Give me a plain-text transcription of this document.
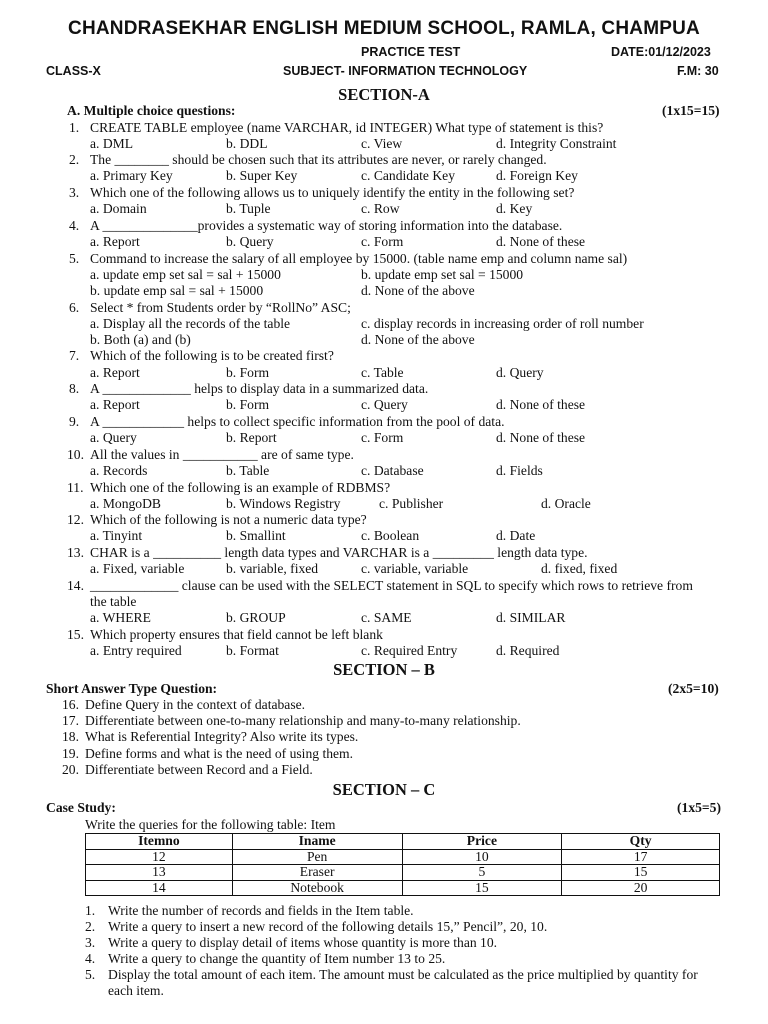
CHANDRASEKHAR ENGLISH MEDIUM SCHOOL, RAMLA, CHAMPUA
PRACTICE TEST	DATE:01/12/2023
CLASS-X	SUBJECT- INFORMATION TECHNOLOGY	F.M: 30
SECTION-A
A. Multiple choice questions:	(1x15=15)
1. CREATE TABLE employee (name VARCHAR, id INTEGER) What type of statement is this?
a. DML	b. DDL	c. View	d. Integrity Constraint
2. The ________ should be chosen such that its attributes are never, or rarely changed.
a. Primary Key	b. Super Key	c. Candidate Key	d. Foreign Key
3. Which one of the following allows us to uniquely identify the entity in the following set?
a. Domain	b. Tuple	c. Row	d. Key
4. A ______________provides a systematic way of storing information into the database.
a. Report	b. Query	c. Form	d. None of these
5. Command to increase the salary of all employee by 15000. (table name emp and column name sal)
a. update emp set sal = sal + 15000	b. update emp set sal = 15000
b. update emp sal = sal + 15000	d. None of the above
6. Select * from Students order by “RollNo” ASC;
a. Display all the records of the table	c. display records in increasing order of roll number
b. Both (a) and (b)	d. None of the above
7. Which of the following is to be created first?
a. Report	b. Form	c. Table	d. Query
8. A _____________ helps to display data in a summarized data.
a. Report	b. Form	c. Query	d. None of these
9. A ____________ helps to collect specific information from the pool of data.
a. Query	b. Report	c. Form	d. None of these
10. All the values in ___________ are of same type.
a. Records	b. Table	c. Database	d. Fields
11. Which one of the following is an example of RDBMS?
a. MongoDB	b. Windows Registry	c. Publisher	d. Oracle
12. Which of the following is not a numeric data type?
a. Tinyint	b. Smallint	c. Boolean	d. Date
13. CHAR is a __________ length data types and VARCHAR is a _________ length data type.
a. Fixed, variable	b. variable, fixed	c. variable, variable	d. fixed, fixed
14. _____________ clause can be used with the SELECT statement in SQL to specify which rows to retrieve from
the table
a. WHERE	b. GROUP	c. SAME	d. SIMILAR
15. Which property ensures that field cannot be left blank
a. Entry required	b. Format	c. Required Entry	d. Required
SECTION – B
Short Answer Type Question:	(2x5=10)
16. Define Query in the context of database.
17. Differentiate between one-to-many relationship and many-to-many relationship.
18. What is Referential Integrity? Also write its types.
19. Define forms and what is the need of using them.
20. Differentiate between Record and a Field.
SECTION – C
Case Study:	(1x5=5)
Write the queries for the following table: Item
Itemno	Iname	Price	Qty
12	Pen	10	17
13	Eraser	5	15
14	Notebook	15	20
1. Write the number of records and fields in the Item table.
2. Write a query to insert a new record of the following details 15,” Pencil”, 20, 10.
3. Write a query to display detail of items whose quantity is more than 10.
4. Write a query to change the quantity of Item number 13 to 25.
5. Display the total amount of each item. The amount must be calculated as the price multiplied by quantity for
each item.
